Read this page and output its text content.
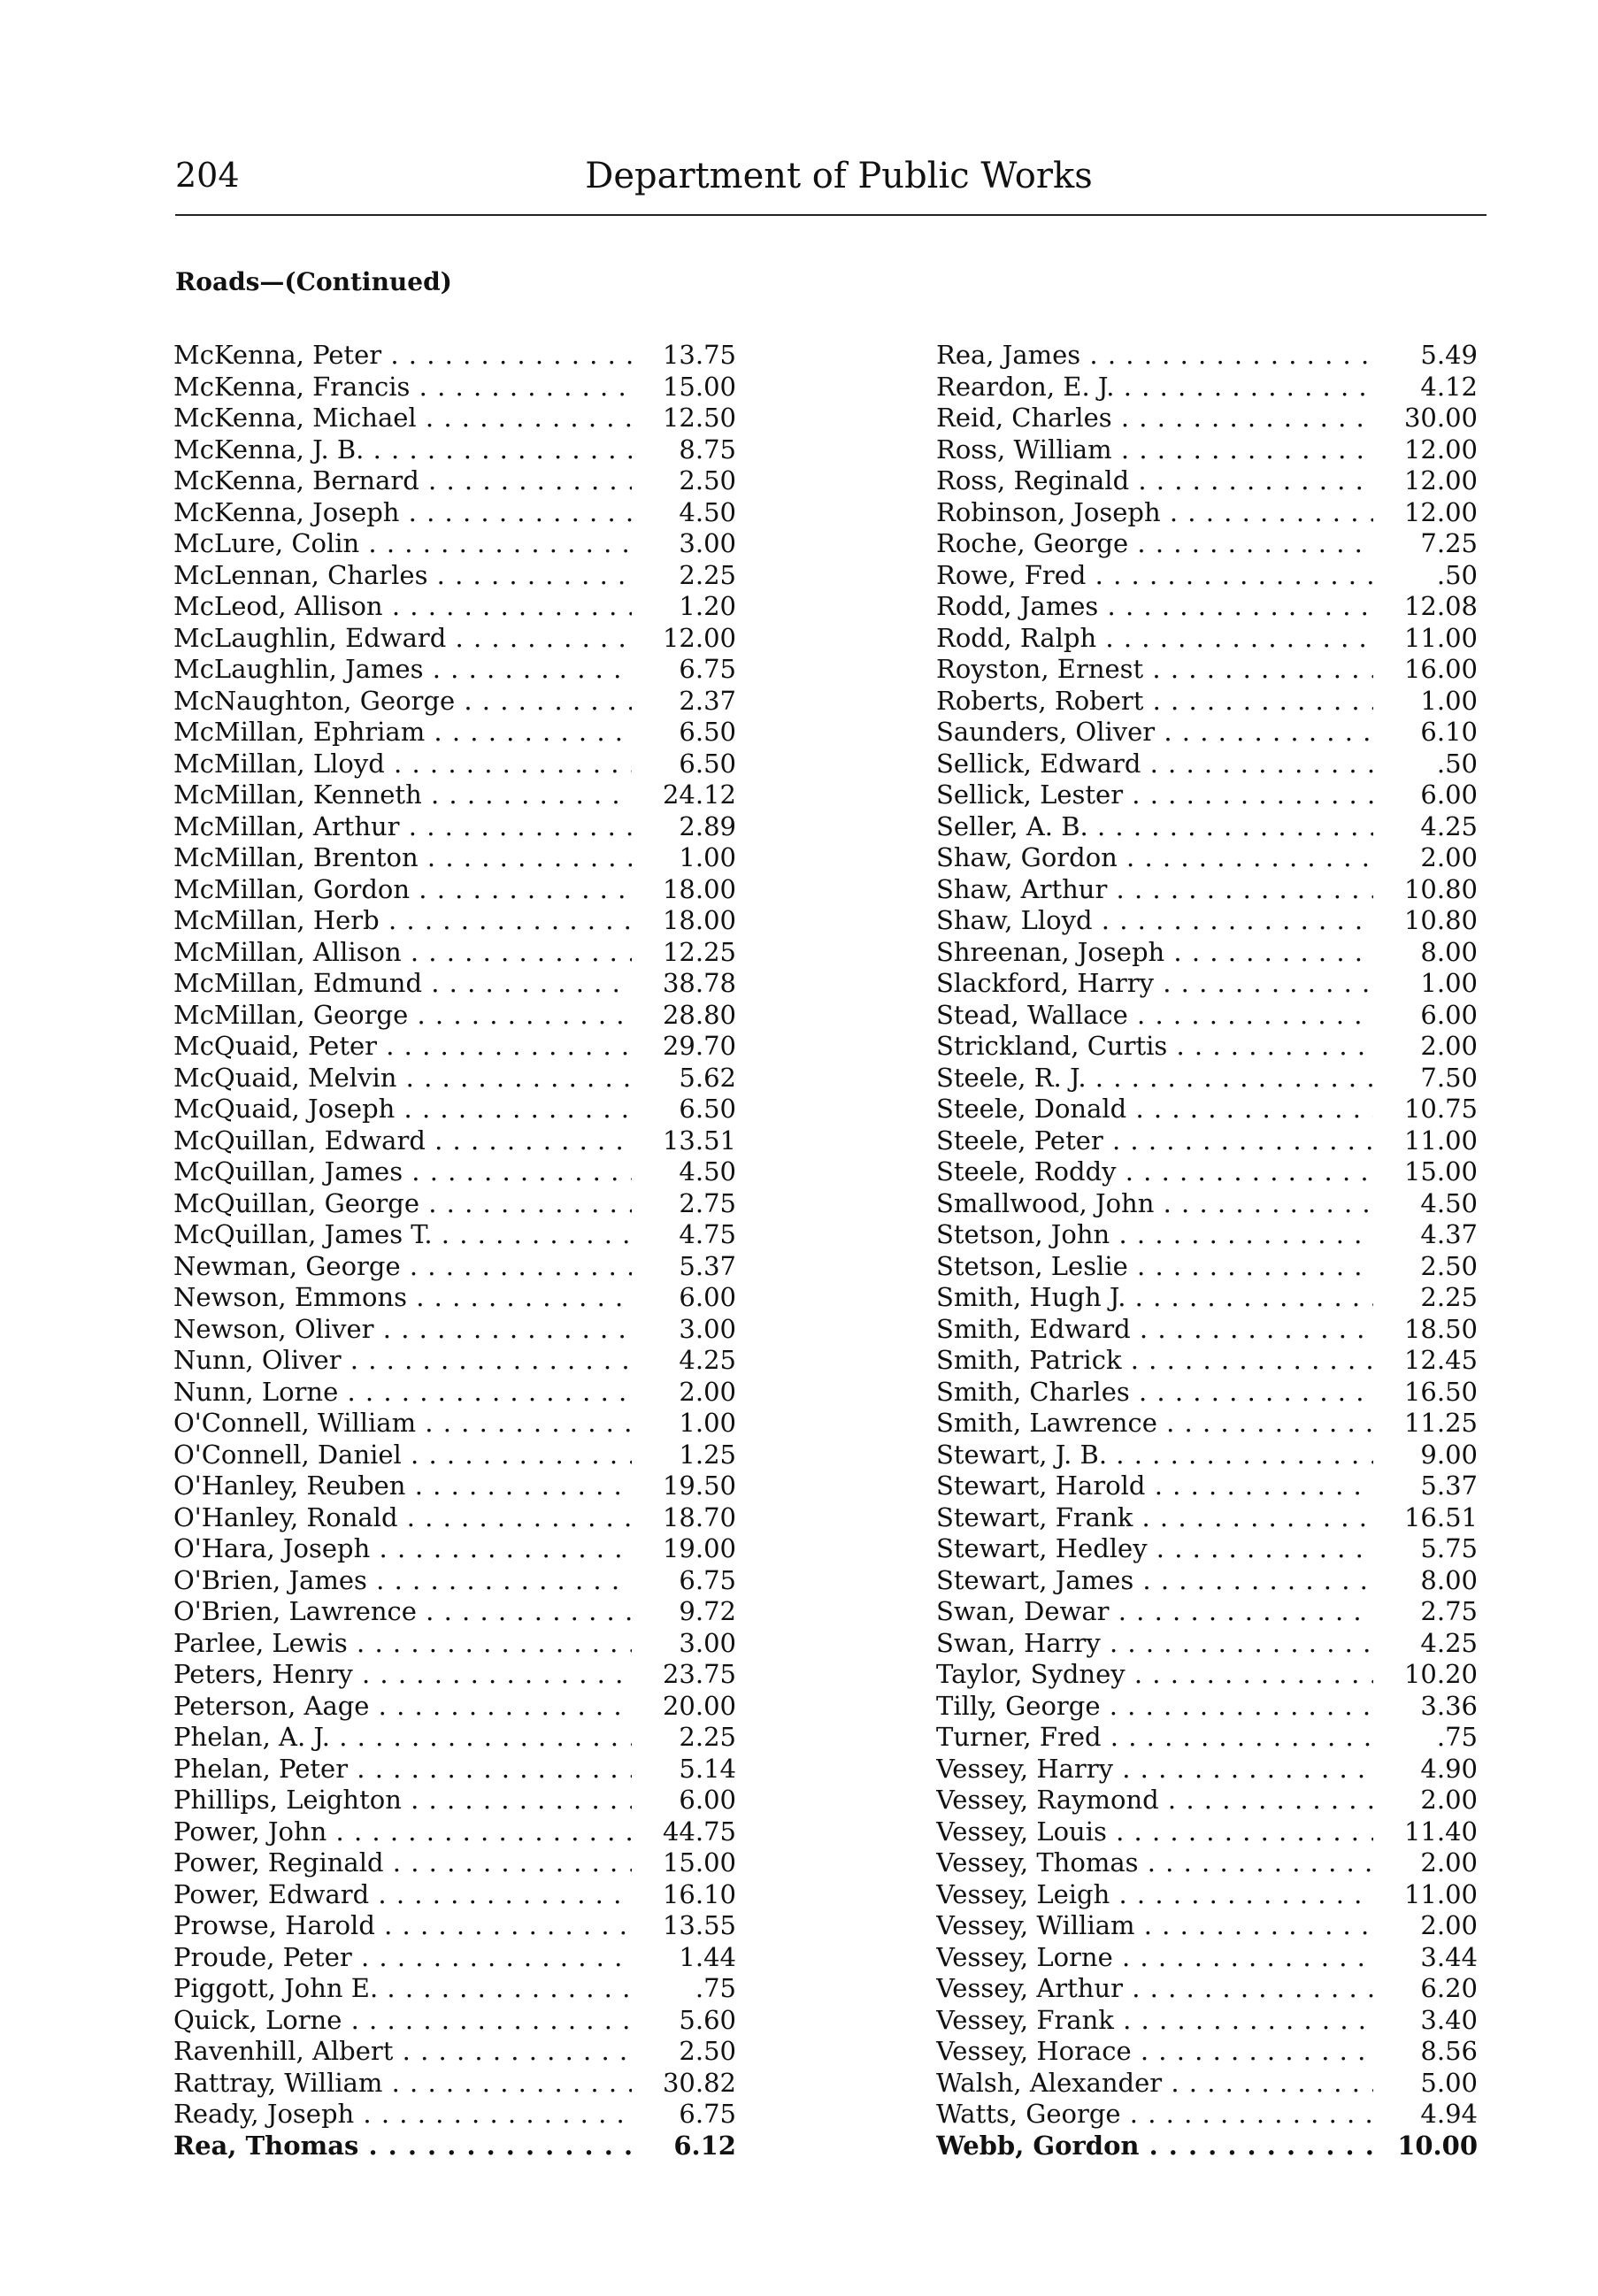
204	Department of Public Works
Roads—(Continued)
McKenna, Peter . . .	13.75
McKenna, Francis . . .	15.00
McKenna, Michael . . .	12.50
McKenna, J. B. . . .	8.75
McKenna, Bernard . . .	2.50
McKenna, Joseph . . .	4.50
McLure, Colin . . .	3.00
McLennan, Charles . . .	2.25
McLeod, Allison . . .	1.20
McLaughlin, Edward . . .	12.00
McLaughlin, James . . .	6.75
McNaughton, George . . .	2.37
McMillan, Ephriam . . .	6.50
McMillan, Lloyd . . .	6.50
McMillan, Kenneth . . .	24.12
McMillan, Arthur . . .	2.89
McMillan, Brenton . . .	1.00
McMillan, Gordon . . .	18.00
McMillan, Herb . . .	18.00
McMillan, Allison . . .	12.25
McMillan, Edmund . . .	38.78
McMillan, George . . .	28.80
McQuaid, Peter . . .	29.70
McQuaid, Melvin . . .	5.62
McQuaid, Joseph . . .	6.50
McQuillan, Edward . . .	13.51
McQuillan, James . . .	4.50
McQuillan, George . . .	2.75
McQuillan, James T. . . .	4.75
Newman, George . . .	5.37
Newson, Emmons . . .	6.00
Newson, Oliver . . .	3.00
Nunn, Oliver . . .	4.25
Nunn, Lorne . . .	2.00
O'Connell, William . . .	1.00
O'Connell, Daniel . . .	1.25
O'Hanley, Reuben . . .	19.50
O'Hanley, Ronald . . .	18.70
O'Hara, Joseph . . .	19.00
O'Brien, James . . .	6.75
O'Brien, Lawrence . . .	9.72
Parlee, Lewis . . .	3.00
Peters, Henry . . .	23.75
Peterson, Aage . . .	20.00
Phelan, A. J. . . .	2.25
Phelan, Peter . . .	5.14
Phillips, Leighton . . .	6.00
Power, John . . .	44.75
Power, Reginald . . .	15.00
Power, Edward . . .	16.10
Prowse, Harold . . .	13.55
Proude, Peter . . .	1.44
Piggott, John E. . . .	.75
Quick, Lorne . . .	5.60
Ravenhill, Albert . . .	2.50
Rattray, William . . .	30.82
Ready, Joseph . . .	6.75
Rea, Thomas . . .	6.12
Rea, James . . .	5.49
Reardon, E. J. . . .	4.12
Reid, Charles . . .	30.00
Ross, William . . .	12.00
Ross, Reginald . . .	12.00
Robinson, Joseph . . .	12.00
Roche, George . . .	7.25
Rowe, Fred . . .	.50
Rodd, James . . .	12.08
Rodd, Ralph . . .	11.00
Royston, Ernest . . .	16.00
Roberts, Robert . . .	1.00
Saunders, Oliver . . .	6.10
Sellick, Edward . . .	.50
Sellick, Lester . . .	6.00
Seller, A. B. . . .	4.25
Shaw, Gordon . . .	2.00
Shaw, Arthur . . .	10.80
Shaw, Lloyd . . .	10.80
Shreenan, Joseph . . .	8.00
Slackford, Harry . . .	1.00
Stead, Wallace . . .	6.00
Strickland, Curtis . . .	2.00
Steele, R. J. . . .	7.50
Steele, Donald . . .	10.75
Steele, Peter . . .	11.00
Steele, Roddy . . .	15.00
Smallwood, John . . .	4.50
Stetson, John . . .	4.37
Stetson, Leslie . . .	2.50
Smith, Hugh J. . . .	2.25
Smith, Edward . . .	18.50
Smith, Patrick . . .	12.45
Smith, Charles . . .	16.50
Smith, Lawrence . . .	11.25
Stewart, J. B. . . .	9.00
Stewart, Harold . . .	5.37
Stewart, Frank . . .	16.51
Stewart, Hedley . . .	5.75
Stewart, James . . .	8.00
Swan, Dewar . . .	2.75
Swan, Harry . . .	4.25
Taylor, Sydney . . .	10.20
Tilly, George . . .	3.36
Turner, Fred . . .	.75
Vessey, Harry . . .	4.90
Vessey, Raymond . . .	2.00
Vessey, Louis . . .	11.40
Vessey, Thomas . . .	2.00
Vessey, Leigh . . .	11.00
Vessey, William . . .	2.00
Vessey, Lorne . . .	3.44
Vessey, Arthur . . .	6.20
Vessey, Frank . . .	3.40
Vessey, Horace . . .	8.56
Walsh, Alexander . . .	5.00
Watts, George . . .	4.94
Webb, Gordon . . .	10.00
